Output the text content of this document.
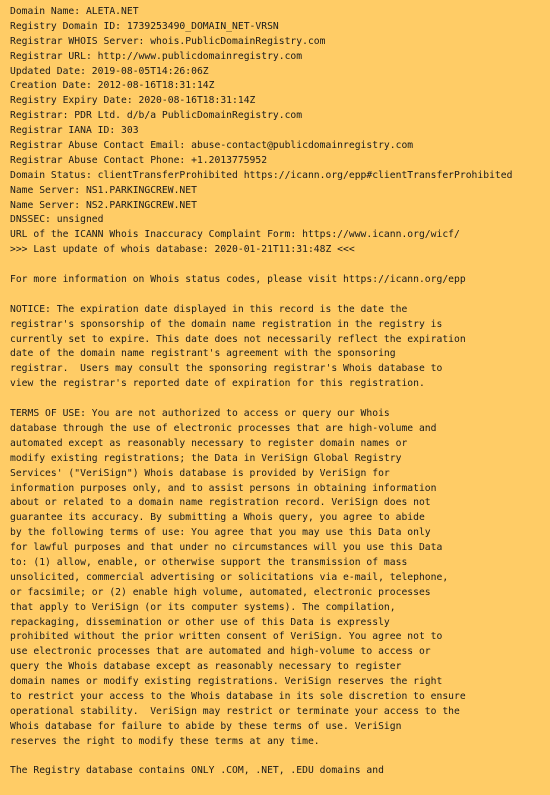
Domain Name: ALETA.NET
Registry Domain ID: 1739253490_DOMAIN_NET-VRSN
Registrar WHOIS Server: whois.PublicDomainRegistry.com
Registrar URL: http://www.publicdomainregistry.com
Updated Date: 2019-08-05T14:26:06Z
Creation Date: 2012-08-16T18:31:14Z
Registry Expiry Date: 2020-08-16T18:31:14Z
Registrar: PDR Ltd. d/b/a PublicDomainRegistry.com
Registrar IANA ID: 303
Registrar Abuse Contact Email: abuse-contact@publicdomainregistry.com
Registrar Abuse Contact Phone: +1.2013775952
Domain Status: clientTransferProhibited https://icann.org/epp#clientTransferProhibited
Name Server: NS1.PARKINGCREW.NET
Name Server: NS2.PARKINGCREW.NET
DNSSEC: unsigned
URL of the ICANN Whois Inaccuracy Complaint Form: https://www.icann.org/wicf/
>>> Last update of whois database: 2020-01-21T11:31:48Z <<<
For more information on Whois status codes, please visit https://icann.org/epp
NOTICE: The expiration date displayed in this record is the date the
registrar's sponsorship of the domain name registration in the registry is
currently set to expire. This date does not necessarily reflect the expiration
date of the domain name registrant's agreement with the sponsoring
registrar.  Users may consult the sponsoring registrar's Whois database to
view the registrar's reported date of expiration for this registration.
TERMS OF USE: You are not authorized to access or query our Whois
database through the use of electronic processes that are high-volume and
automated except as reasonably necessary to register domain names or
modify existing registrations; the Data in VeriSign Global Registry
Services' ("VeriSign") Whois database is provided by VeriSign for
information purposes only, and to assist persons in obtaining information
about or related to a domain name registration record. VeriSign does not
guarantee its accuracy. By submitting a Whois query, you agree to abide
by the following terms of use: You agree that you may use this Data only
for lawful purposes and that under no circumstances will you use this Data
to: (1) allow, enable, or otherwise support the transmission of mass
unsolicited, commercial advertising or solicitations via e-mail, telephone,
or facsimile; or (2) enable high volume, automated, electronic processes
that apply to VeriSign (or its computer systems). The compilation,
repackaging, dissemination or other use of this Data is expressly
prohibited without the prior written consent of VeriSign. You agree not to
use electronic processes that are automated and high-volume to access or
query the Whois database except as reasonably necessary to register
domain names or modify existing registrations. VeriSign reserves the right
to restrict your access to the Whois database in its sole discretion to ensure
operational stability.  VeriSign may restrict or terminate your access to the
Whois database for failure to abide by these terms of use. VeriSign
reserves the right to modify these terms at any time.
The Registry database contains ONLY .COM, .NET, .EDU domains and
